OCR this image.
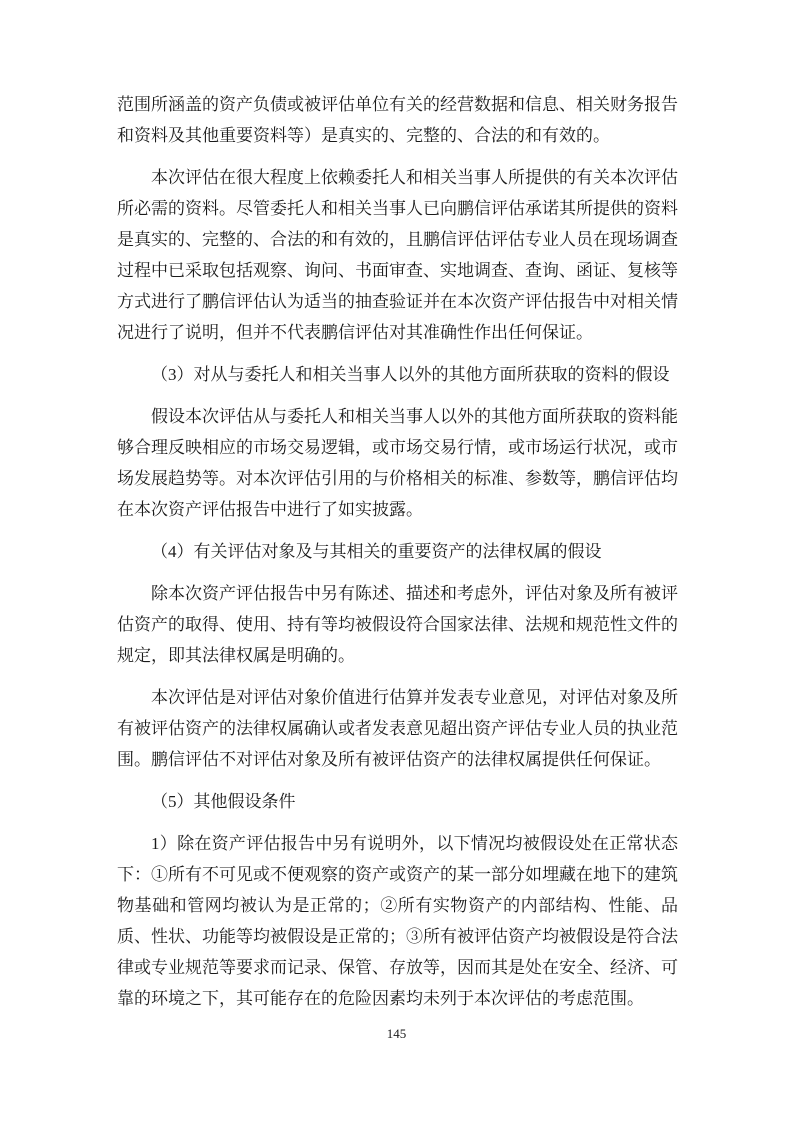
范围所涵盖的资产负债或被评估单位有关的经营数据和信息、相关财务报告和资料及其他重要资料等）是真实的、完整的、合法的和有效的。

本次评估在很大程度上依赖委托人和相关当事人所提供的有关本次评估所必需的资料。尽管委托人和相关当事人已向鹏信评估承诺其所提供的资料是真实的、完整的、合法的和有效的，且鹏信评估评估专业人员在现场调查过程中已采取包括观察、询问、书面审查、实地调查、查询、函证、复核等方式进行了鹏信评估认为适当的抽查验证并在本次资产评估报告中对相关情况进行了说明，但并不代表鹏信评估对其准确性作出任何保证。

（3）对从与委托人和相关当事人以外的其他方面所获取的资料的假设

假设本次评估从与委托人和相关当事人以外的其他方面所获取的资料能够合理反映相应的市场交易逻辑，或市场交易行情，或市场运行状况，或市场发展趋势等。对本次评估引用的与价格相关的标准、参数等，鹏信评估均在本次资产评估报告中进行了如实披露。

（4）有关评估对象及与其相关的重要资产的法律权属的假设

除本次资产评估报告中另有陈述、描述和考虑外，评估对象及所有被评估资产的取得、使用、持有等均被假设符合国家法律、法规和规范性文件的规定，即其法律权属是明确的。

本次评估是对评估对象价值进行估算并发表专业意见，对评估对象及所有被评估资产的法律权属确认或者发表意见超出资产评估专业人员的执业范围。鹏信评估不对评估对象及所有被评估资产的法律权属提供任何保证。

（5）其他假设条件

1）除在资产评估报告中另有说明外，以下情况均被假设处在正常状态下：①所有不可见或不便观察的资产或资产的某一部分如埋藏在地下的建筑物基础和管网均被认为是正常的；②所有实物资产的内部结构、性能、品质、性状、功能等均被假设是正常的；③所有被评估资产均被假设是符合法律或专业规范等要求而记录、保管、存放等，因而其是处在安全、经济、可靠的环境之下，其可能存在的危险因素均未列于本次评估的考虑范围。

145
